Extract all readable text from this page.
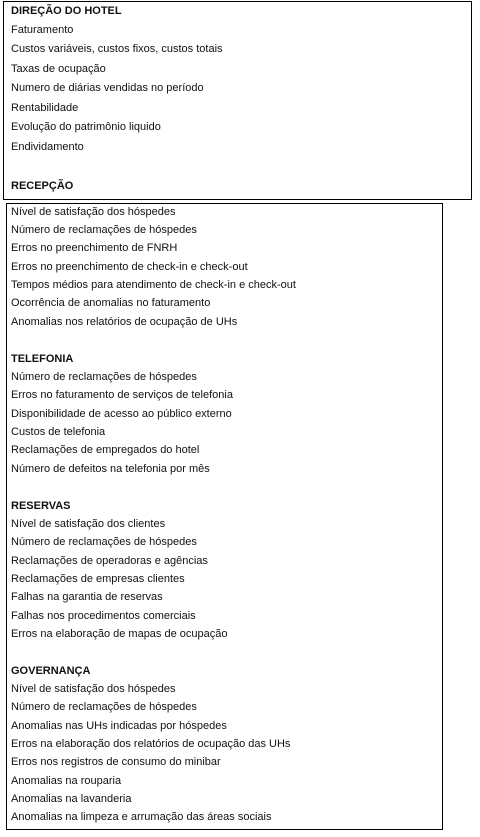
DIREÇÃO DO HOTEL
Faturamento
Custos variáveis, custos fixos, custos totais
Taxas de ocupação
Numero de diárias vendidas no período
Rentabilidade
Evolução do patrimônio liquido
Endividamento
RECEPÇÃO
Nível de satisfação dos hóspedes
Número de reclamações de hóspedes
Erros no preenchimento de FNRH
Erros no preenchimento de check-in e check-out
Tempos médios para atendimento de check-in e check-out
Ocorrência de anomalias no faturamento
Anomalias nos relatórios de ocupação de UHs
TELEFONIA
Número de reclamações de hóspedes
Erros no faturamento de serviços de telefonia
Disponibilidade de acesso ao público externo
Custos de telefonia
Reclamações de empregados do hotel
Número de defeitos na telefonia por mês
RESERVAS
Nível de satisfação dos clientes
Número de reclamações de hóspedes
Reclamações de operadoras e agências
Reclamações de empresas clientes
Falhas na garantia de reservas
Falhas nos procedimentos comerciais
Erros na elaboração de mapas de ocupação
GOVERNANÇA
Nível de satisfação dos hóspedes
Número de reclamações de hóspedes
Anomalias nas UHs indicadas por hóspedes
Erros na elaboração dos relatórios de ocupação das UHs
Erros nos registros de consumo do minibar
Anomalias na rouparia
Anomalias na lavanderia
Anomalias na limpeza e arrumação das áreas sociais
